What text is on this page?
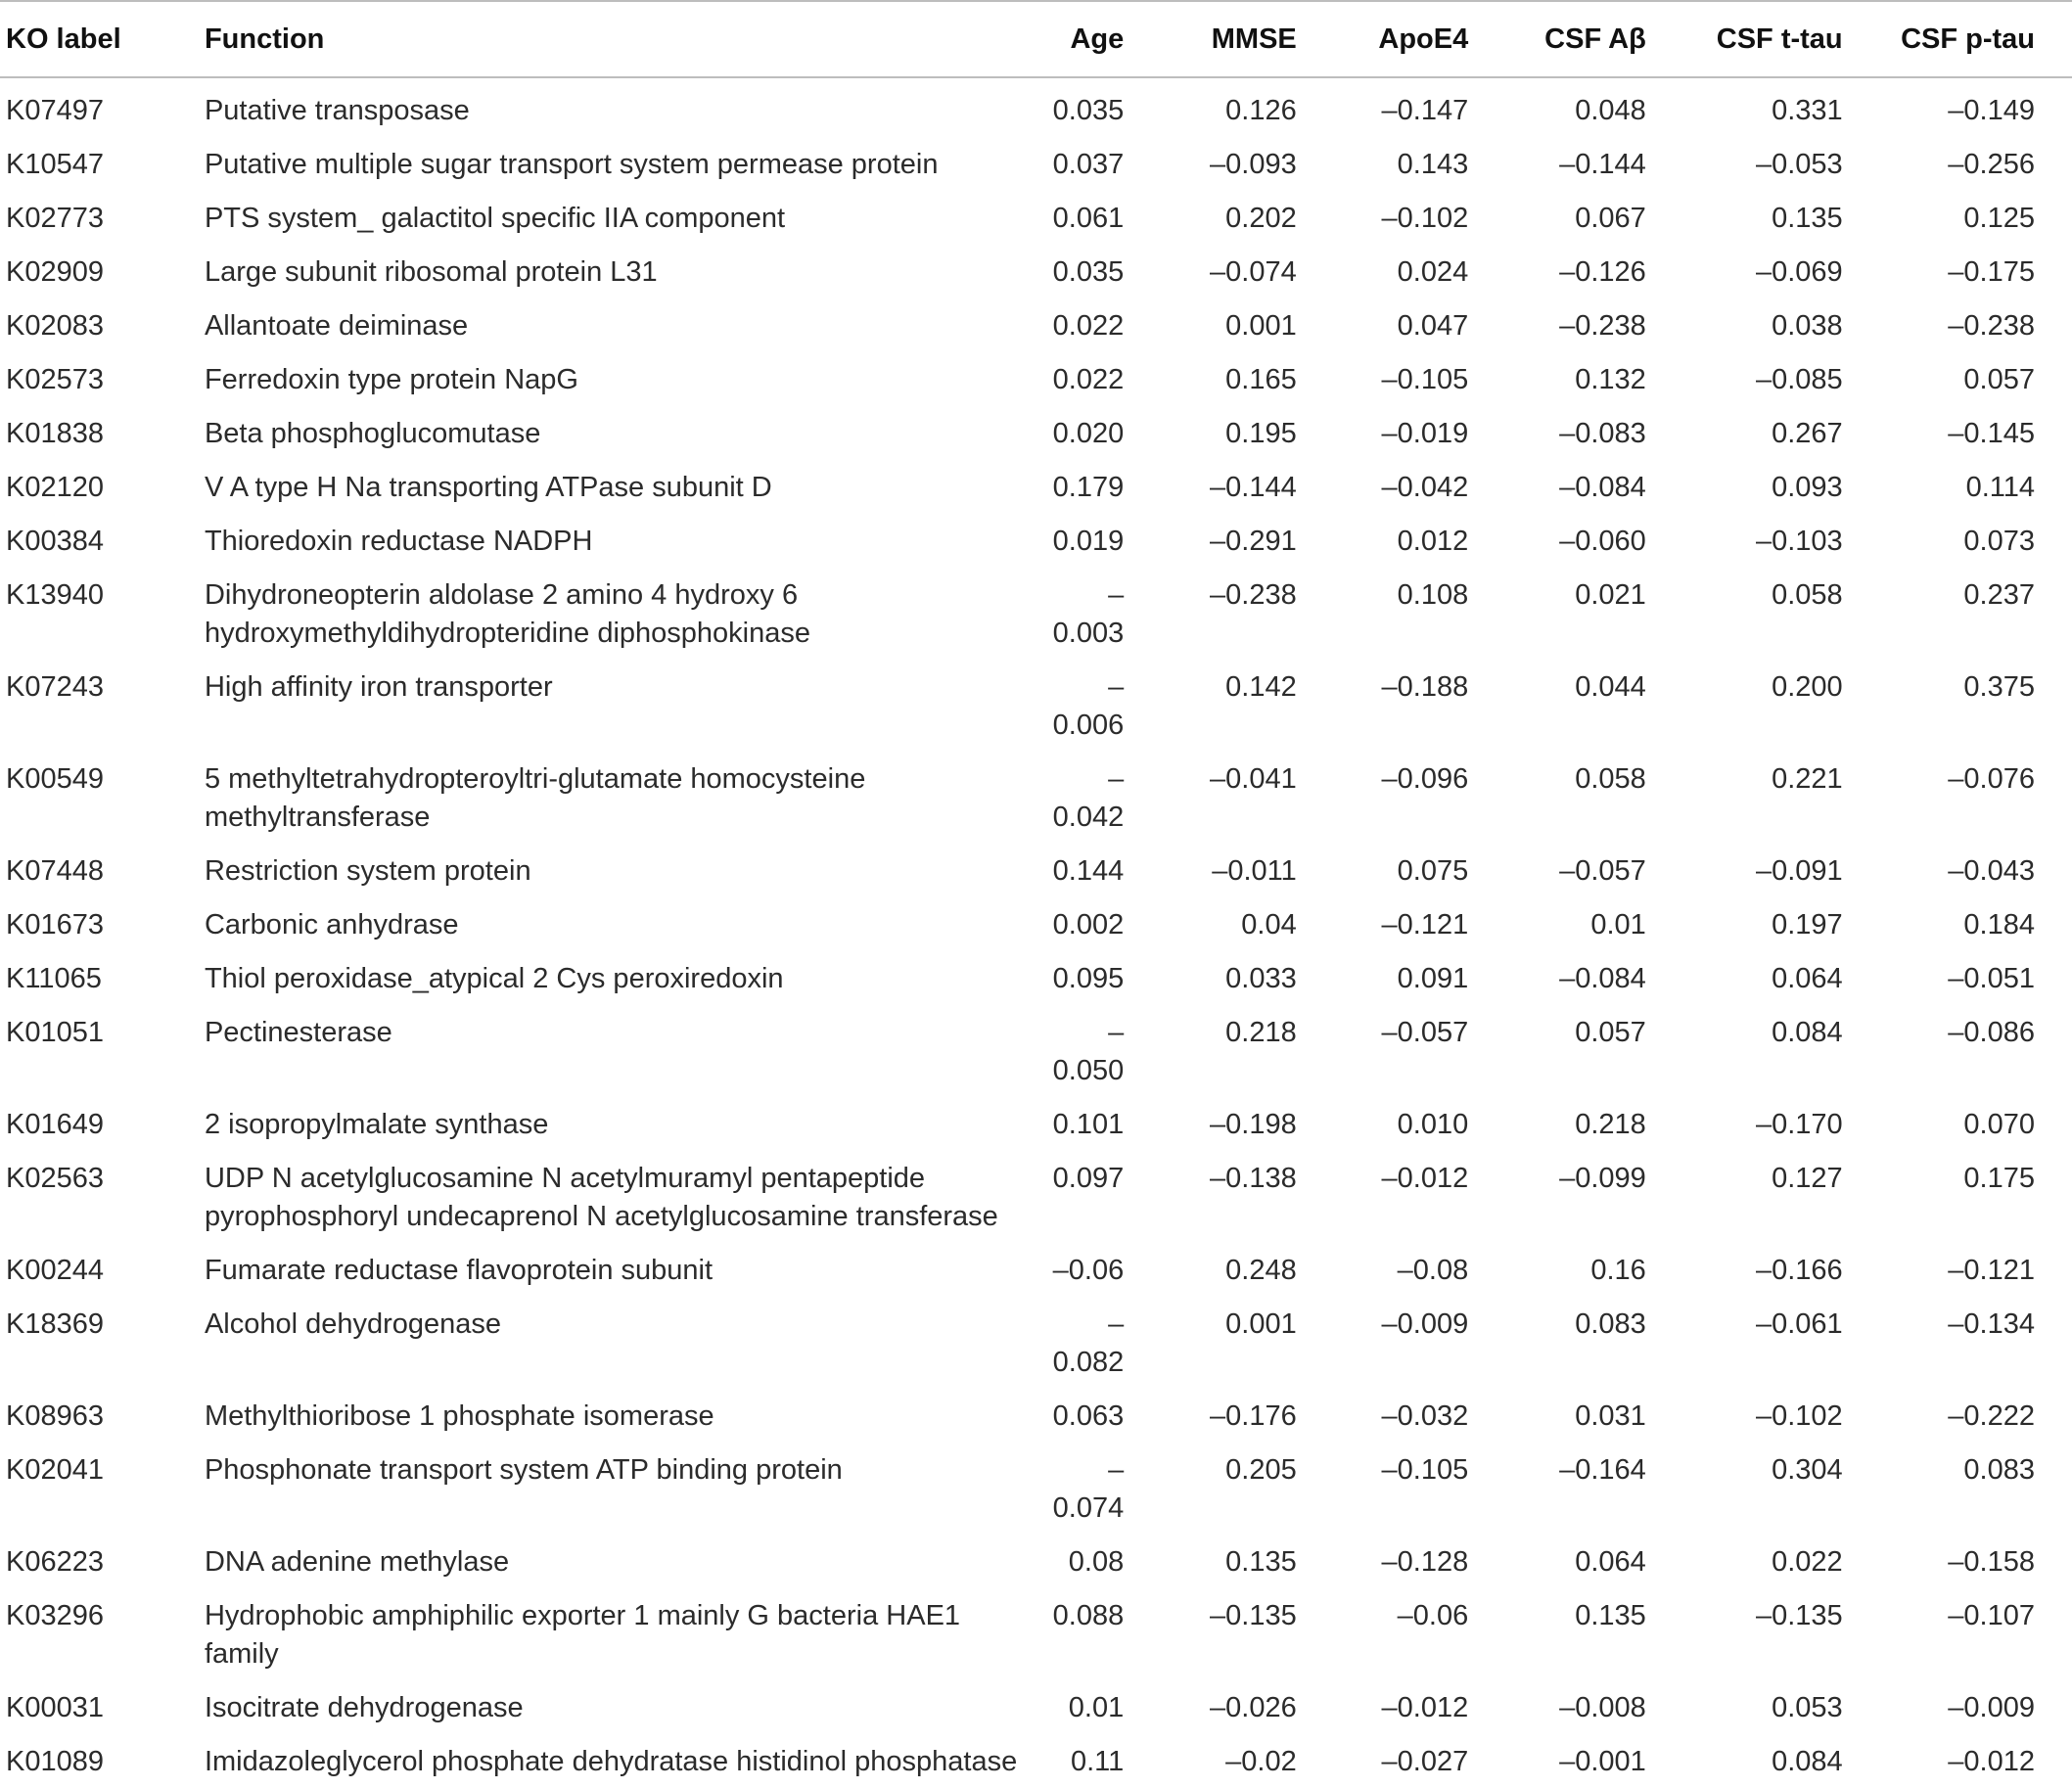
KO label	Function	Age	MMSE	ApoE4	CSF Aβ	CSF t-tau	CSF p-tau
K07497	Putative transposase	0.035	0.126	–0.147	0.048	0.331	–0.149
K10547	Putative multiple sugar transport system permease protein	0.037	–0.093	0.143	–0.144	–0.053	–0.256
K02773	PTS system_ galactitol specific IIA component	0.061	0.202	–0.102	0.067	0.135	0.125
K02909	Large subunit ribosomal protein L31	0.035	–0.074	0.024	–0.126	–0.069	–0.175
K02083	Allantoate deiminase	0.022	0.001	0.047	–0.238	0.038	–0.238
K02573	Ferredoxin type protein NapG	0.022	0.165	–0.105	0.132	–0.085	0.057
K01838	Beta phosphoglucomutase	0.020	0.195	–0.019	–0.083	0.267	–0.145
K02120	V A type H Na transporting ATPase subunit D	0.179	–0.144	–0.042	–0.084	0.093	0.114
K00384	Thioredoxin reductase NADPH	0.019	–0.291	0.012	–0.060	–0.103	0.073
K13940	Dihydroneopterin aldolase 2 amino 4 hydroxy 6 hydroxymethyldihydropteridine diphosphokinase	–0.003	–0.238	0.108	0.021	0.058	0.237
K07243	High affinity iron transporter	–0.006	0.142	–0.188	0.044	0.200	0.375
K00549	5 methyltetrahydropteroyltri-glutamate homocysteine methyltransferase	–0.042	–0.041	–0.096	0.058	0.221	–0.076
K07448	Restriction system protein	0.144	–0.011	0.075	–0.057	–0.091	–0.043
K01673	Carbonic anhydrase	0.002	0.04	–0.121	0.01	0.197	0.184
K11065	Thiol peroxidase_atypical 2 Cys peroxiredoxin	0.095	0.033	0.091	–0.084	0.064	–0.051
K01051	Pectinesterase	–0.050	0.218	–0.057	0.057	0.084	–0.086
K01649	2 isopropylmalate synthase	0.101	–0.198	0.010	0.218	–0.170	0.070
K02563	UDP N acetylglucosamine N acetylmuramyl pentapeptide pyrophosphoryl undecaprenol N acetylglucosamine transferase	0.097	–0.138	–0.012	–0.099	0.127	0.175
K00244	Fumarate reductase flavoprotein subunit	–0.06	0.248	–0.08	0.16	–0.166	–0.121
K18369	Alcohol dehydrogenase	–0.082	0.001	–0.009	0.083	–0.061	–0.134
K08963	Methylthioribose 1 phosphate isomerase	0.063	–0.176	–0.032	0.031	–0.102	–0.222
K02041	Phosphonate transport system ATP binding protein	–0.074	0.205	–0.105	–0.164	0.304	0.083
K06223	DNA adenine methylase	0.08	0.135	–0.128	0.064	0.022	–0.158
K03296	Hydrophobic amphiphilic exporter 1 mainly G bacteria HAE1 family	0.088	–0.135	–0.06	0.135	–0.135	–0.107
K00031	Isocitrate dehydrogenase	0.01	–0.026	–0.012	–0.008	0.053	–0.009
K01089	Imidazoleglycerol phosphate dehydratase histidinol phosphatase	0.11	–0.02	–0.027	–0.001	0.084	–0.012
